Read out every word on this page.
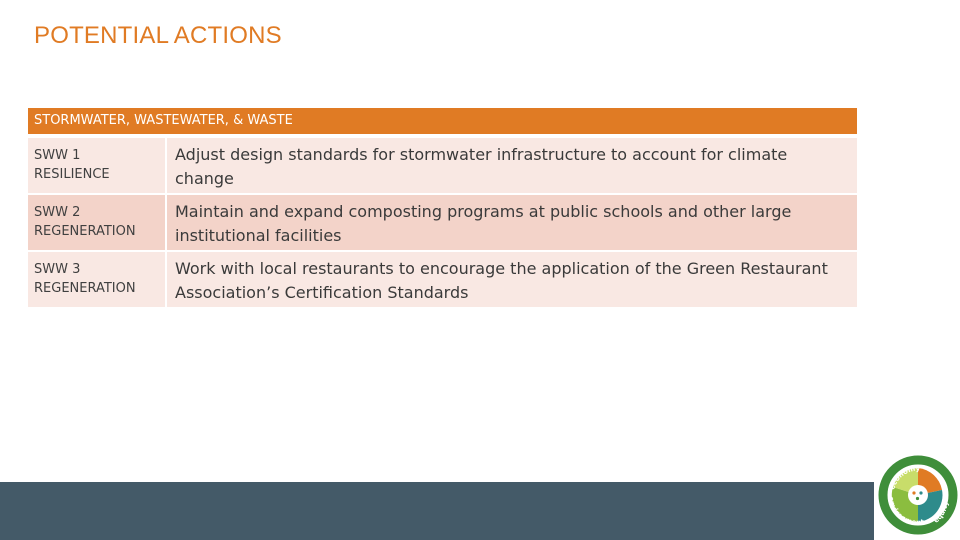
POTENTIAL ACTIONS
STORMWATER, WASTEWATER, & WASTE	

SWW 1
RESILIENCE	Adjust design standards for stormwater infrastructure to account for climate change

SWW 2
REGENERATION	Maintain and expand composting programs at public schools and other large institutional facilities

SWW 3
REGENERATION	Work with local restaurants to encourage the application of the Green Restaurant Association’s Certification Standards
economy
environment equity
